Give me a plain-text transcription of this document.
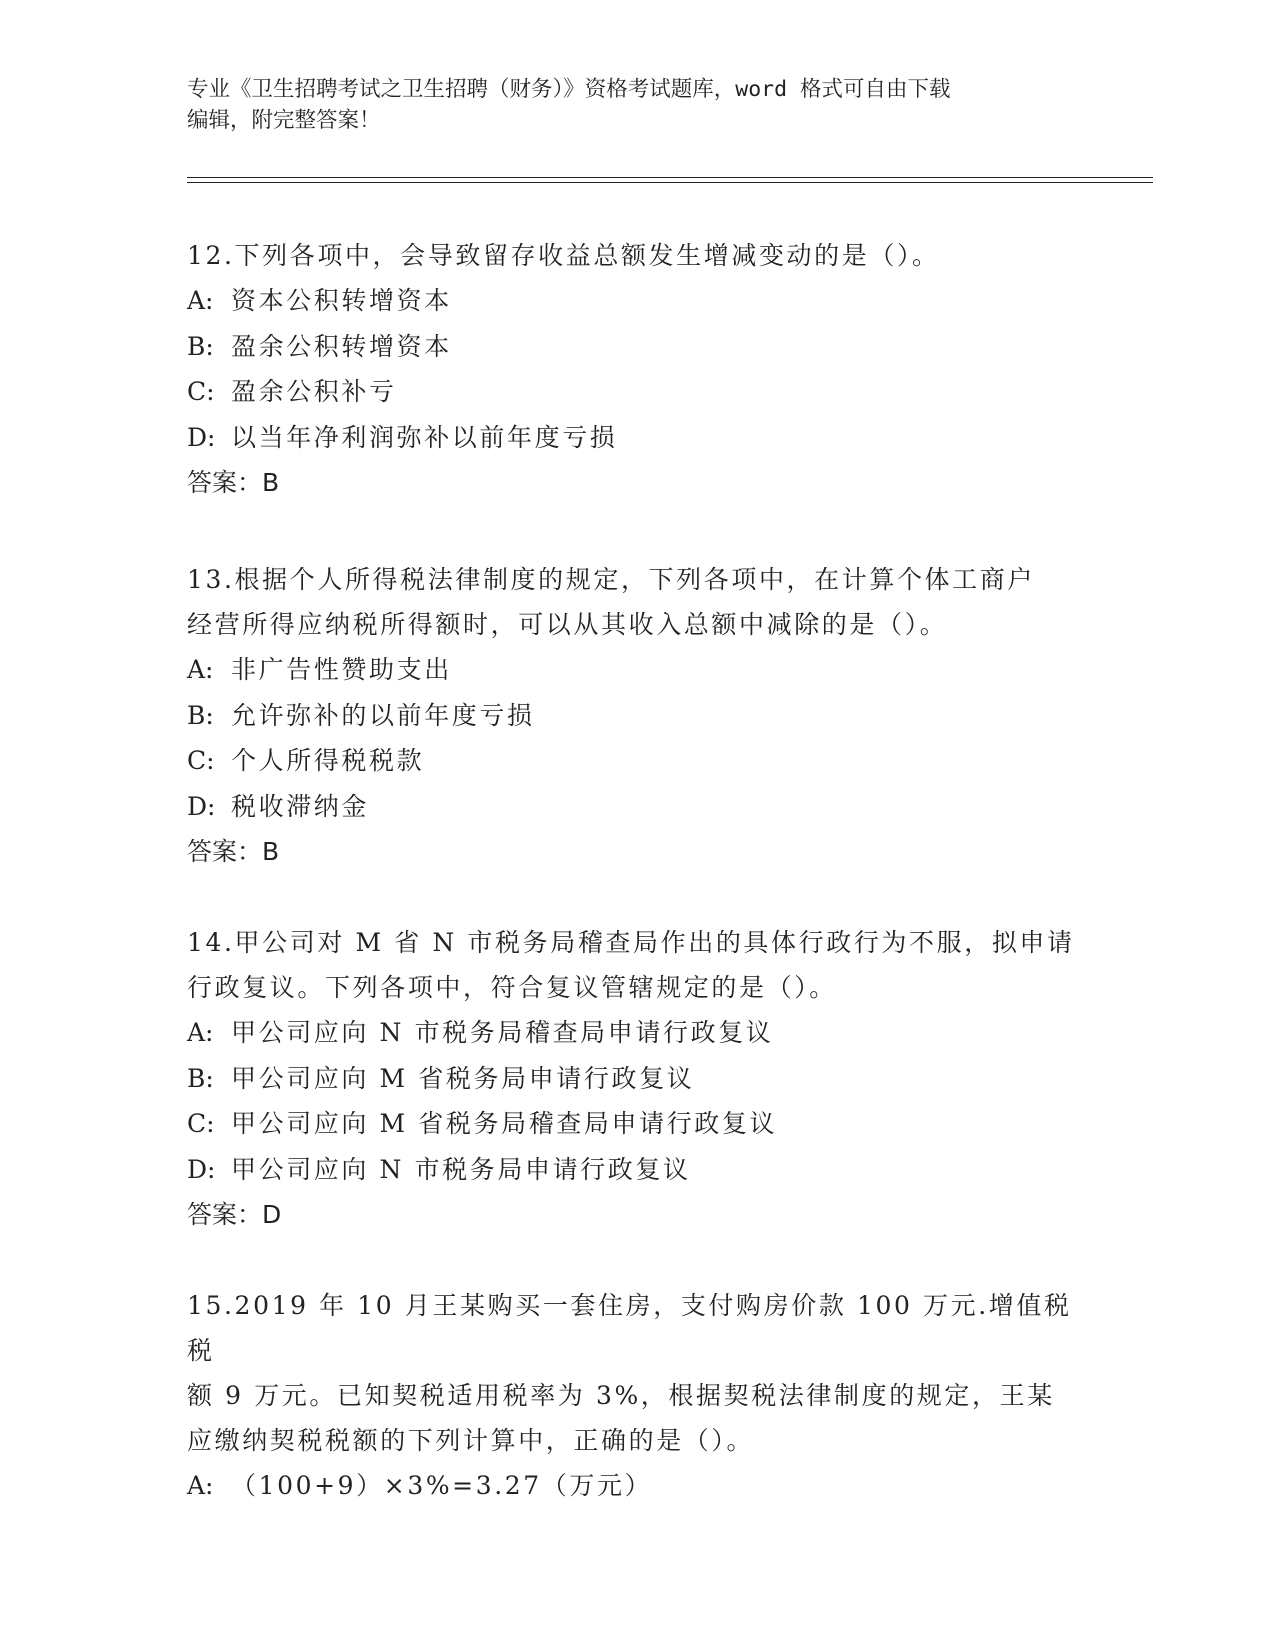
专业《卫生招聘考试之卫生招聘（财务）》资格考试题库，word 格式可自由下载
编辑，附完整答案！

12.下列各项中，会导致留存收益总额发生增减变动的是（）。

A: 资本公积转增资本

B: 盈余公积转增资本

C: 盈余公积补亏

D: 以当年净利润弥补以前年度亏损

答案：B

13.根据个人所得税法律制度的规定，下列各项中，在计算个体工商户

经营所得应纳税所得额时，可以从其收入总额中减除的是（）。

A: 非广告性赞助支出

B: 允许弥补的以前年度亏损

C: 个人所得税税款

D: 税收滞纳金

答案：B

14.甲公司对 M 省 N 市税务局稽查局作出的具体行政行为不服，拟申请

行政复议。下列各项中，符合复议管辖规定的是（）。

A: 甲公司应向 N 市税务局稽查局申请行政复议

B: 甲公司应向 M 省税务局申请行政复议

C: 甲公司应向 M 省税务局稽查局申请行政复议

D: 甲公司应向 N 市税务局申请行政复议

答案：D

15.2019 年 10 月王某购买一套住房，支付购房价款 100 万元.增值税税

额 9 万元。已知契税适用税率为 3%，根据契税法律制度的规定，王某

应缴纳契税税额的下列计算中，正确的是（）。

A: （100+9）×3%=3.27（万元）
